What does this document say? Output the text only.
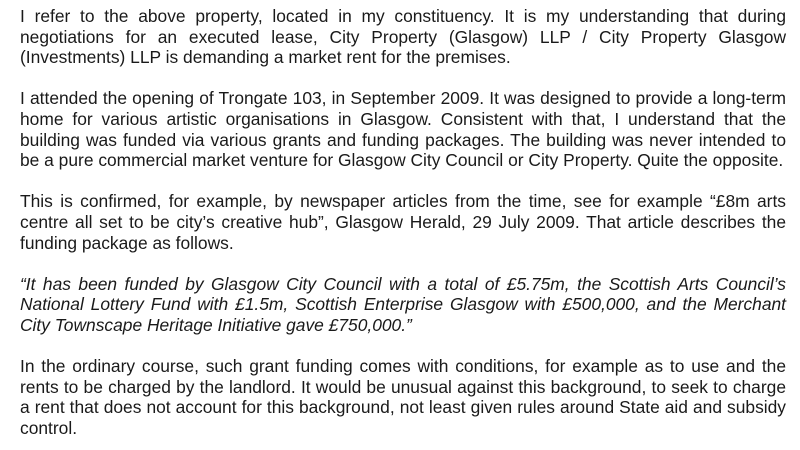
I refer to the above property, located in my constituency. It is my understanding that during negotiations for an executed lease, City Property (Glasgow) LLP / City Property Glasgow (Investments) LLP is demanding a market rent for the premises.

I attended the opening of Trongate 103, in September 2009. It was designed to provide a long-term home for various artistic organisations in Glasgow. Consistent with that, I understand that the building was funded via various grants and funding packages. The building was never intended to be a pure commercial market venture for Glasgow City Council or City Property. Quite the opposite.

This is confirmed, for example, by newspaper articles from the time, see for example “£8m arts centre all set to be city’s creative hub”, Glasgow Herald, 29 July 2009. That article describes the funding package as follows.

“It has been funded by Glasgow City Council with a total of £5.75m, the Scottish Arts Council’s National Lottery Fund with £1.5m, Scottish Enterprise Glasgow with £500,000, and the Merchant City Townscape Heritage Initiative gave £750,000.”

In the ordinary course, such grant funding comes with conditions, for example as to use and the rents to be charged by the landlord. It would be unusual against this background, to seek to charge a rent that does not account for this background, not least given rules around State aid and subsidy control.
